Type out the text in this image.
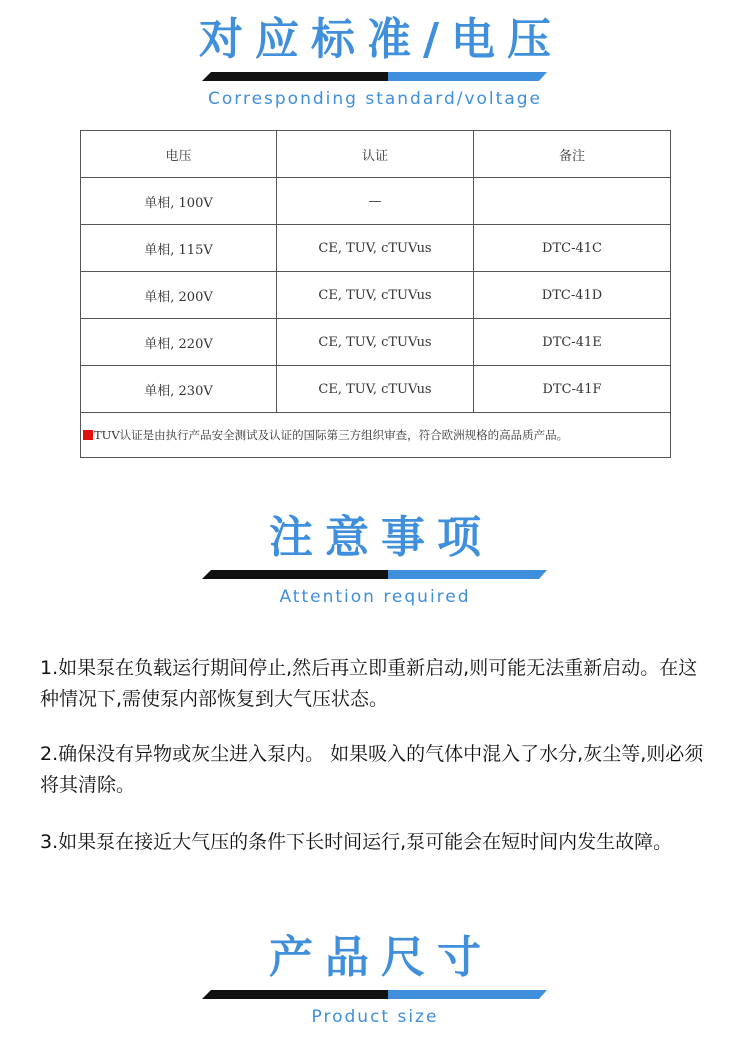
对应标准/电压
Corresponding standard/voltage
电压	认证	备注
单相, 100V	—	
单相, 115V	CE, TUV, cTUVus	DTC-41C
单相, 200V	CE, TUV, cTUVus	DTC-41D
单相, 220V	CE, TUV, cTUVus	DTC-41E
单相, 230V	CE, TUV, cTUVus	DTC-41F
TUV认证是由执行产品安全测试及认证的国际第三方组织审查，符合欧洲规格的高品质产品。		
注意事项
Attention required

1.如果泵在负载运行期间停止,然后再立即重新启动,则可能无法重新启动。在这种情况下,需使泵内部恢复到大气压状态。

2.确保没有异物或灰尘进入泵内。 如果吸入的气体中混入了水分,灰尘等,则必须将其清除。

3.如果泵在接近大气压的条件下长时间运行,泵可能会在短时间内发生故障。

产品尺寸
Product size
